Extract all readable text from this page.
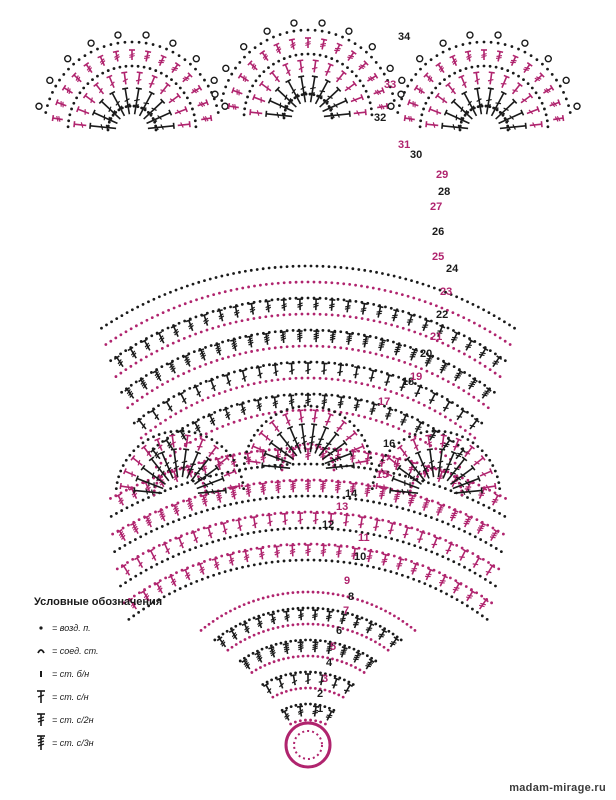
1
2
3
4
5
6
7
8
9
10
11
12
13
14
15
16
17
18
19
20
21
22
23
24
25
26
27
28
29
30
31
32
33
34
Условные обозначения
= возд. п.
= соед. ст.
= ст. б/н
= ст. с/н
= ст. с/2н
= ст. с/3н
madam-mirage.ru
